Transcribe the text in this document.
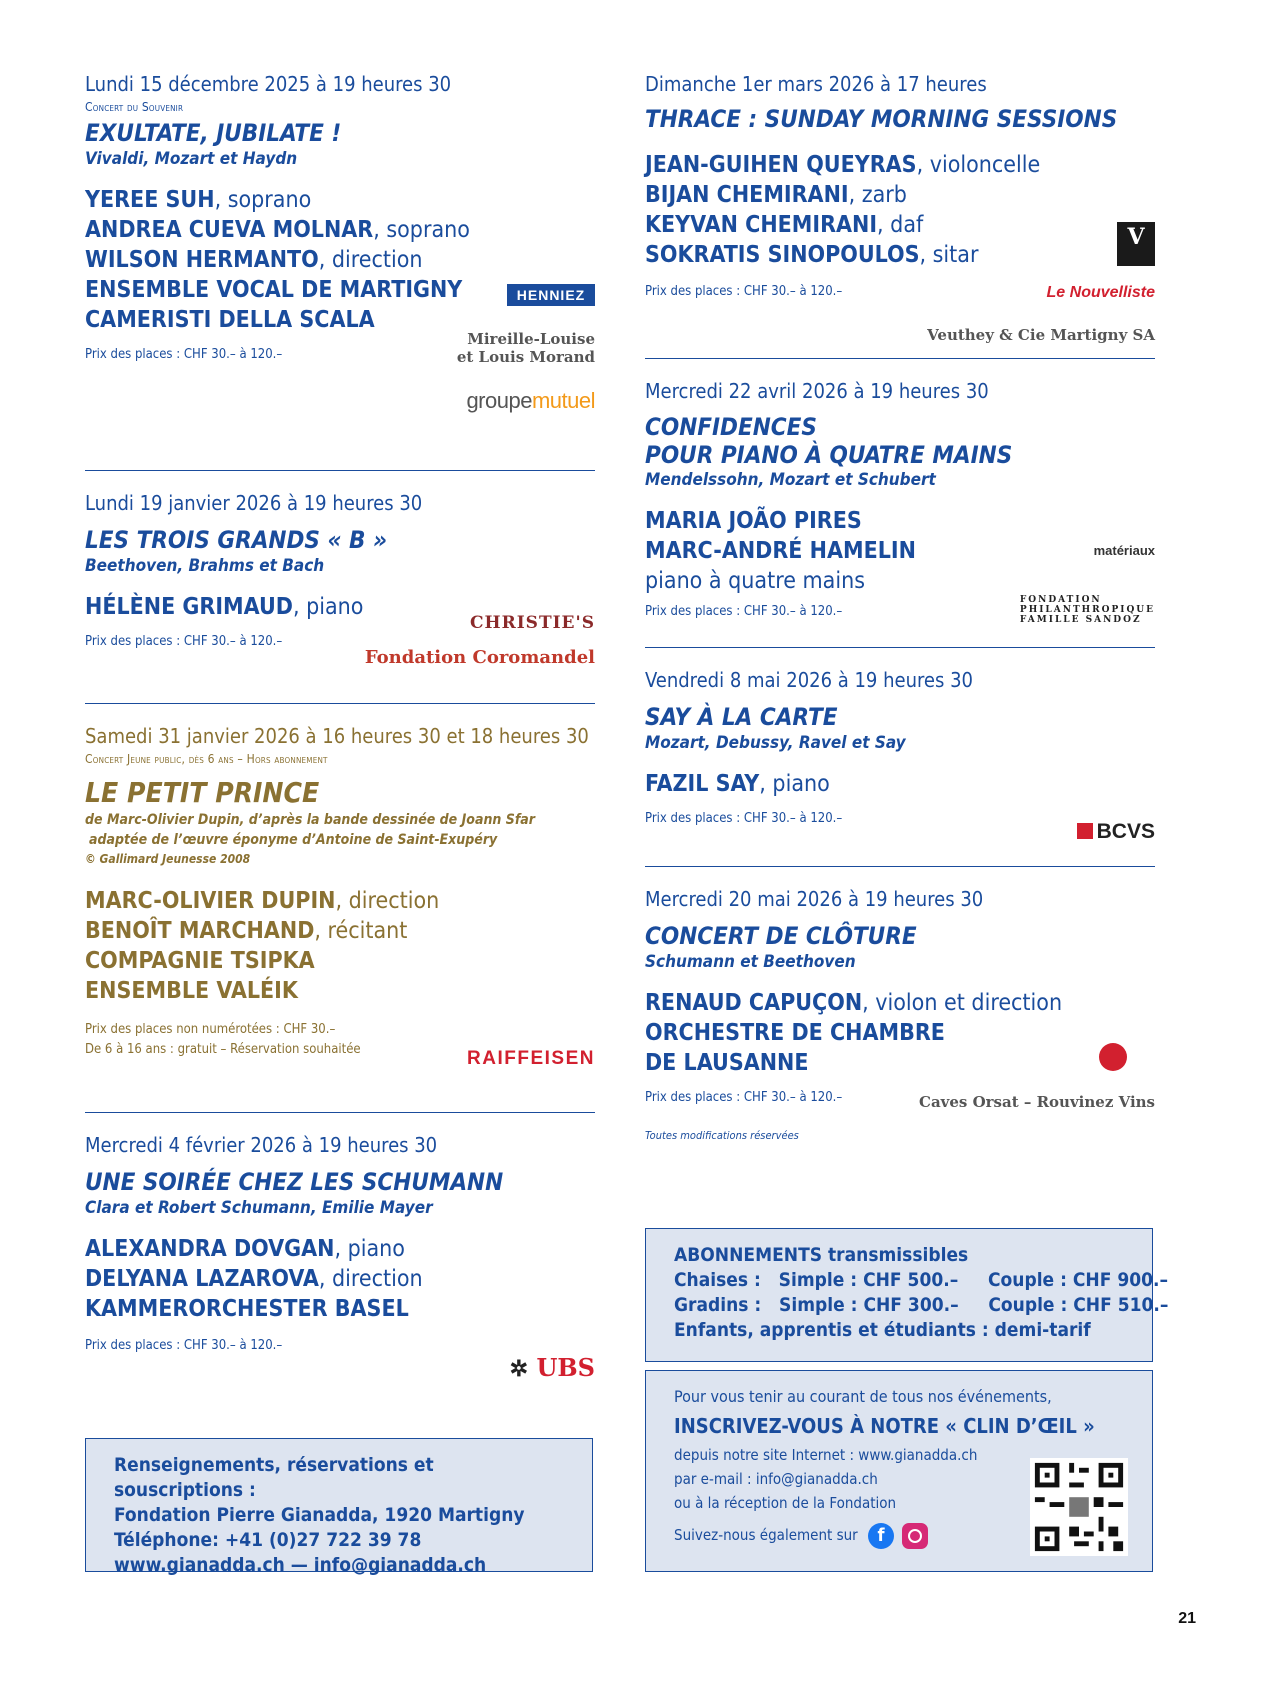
Lundi 15 décembre 2025 à 19 heures 30
Concert du Souvenir
EXULTATE, JUBILATE !
Vivaldi, Mozart et Haydn
YEREE SUH, soprano
ANDREA CUEVA MOLNAR, soprano
WILSON HERMANTO, direction
ENSEMBLE VOCAL DE MARTIGNY
CAMERISTI DELLA SCALA
Prix des places : CHF 30.– à 120.–
HENNIEZ
Mireille-Louise
et Louis Morand
groupemutuel
Lundi 19 janvier 2026 à 19 heures 30
LES TROIS GRANDS « B »
Beethoven, Brahms et Bach
HÉLÈNE GRIMAUD, piano
Prix des places : CHF 30.– à 120.–
CHRISTIE'S
Fondation Coromandel
Samedi 31 janvier 2026 à 16 heures 30 et 18 heures 30
Concert Jeune public, dès 6 ans – Hors abonnement
LE PETIT PRINCE
de Marc-Olivier Dupin, d’après la bande dessinée de Joann Sfar
adaptée de l’œuvre éponyme d’Antoine de Saint-Exupéry
© Gallimard Jeunesse 2008
MARC-OLIVIER DUPIN, direction
BENOÎT MARCHAND, récitant
COMPAGNIE TSIPKA
ENSEMBLE VALÉIK
Prix des places non numérotées : CHF 30.–
De 6 à 16 ans : gratuit – Réservation souhaitée	RAIFFEISEN
Mercredi 4 février 2026 à 19 heures 30
UNE SOIRÉE CHEZ LES SCHUMANN
Clara et Robert Schumann, Emilie Mayer
ALEXANDRA DOVGAN, piano
DELYANA LAZAROVA, direction
KAMMERORCHESTER BASEL
Prix des places : CHF 30.– à 120.–
✲ UBS
Renseignements, réservations et souscriptions :
Fondation Pierre Gianadda, 1920 Martigny
Téléphone: +41 (0)27 722 39 78
www.gianadda.ch — info@gianadda.ch
Dimanche 1er mars 2026 à 17 heures
THRACE : SUNDAY MORNING SESSIONS
JEAN-GUIHEN QUEYRAS, violoncelle
BIJAN CHEMIRANI, zarb
KEYVAN CHEMIRANI, daf
SOKRATIS SINOPOULOS, sitar
Prix des places : CHF 30.– à 120.–
V
Le Nouvelliste
Veuthey & Cie Martigny SA
Mercredi 22 avril 2026 à 19 heures 30
CONFIDENCES
POUR PIANO À QUATRE MAINS
Mendelssohn, Mozart et Schubert
MARIA JOÃO PIRES
MARC-ANDRÉ HAMELIN
piano à quatre mains
Prix des places : CHF 30.– à 120.–
matériaux
FONDATION
PHILANTHROPIQUE
FAMILLE SANDOZ
Vendredi 8 mai 2026 à 19 heures 30
SAY À LA CARTE
Mozart, Debussy, Ravel et Say
FAZIL SAY, piano
Prix des places : CHF 30.– à 120.–
BCVS
Mercredi 20 mai 2026 à 19 heures 30
CONCERT DE CLÔTURE
Schumann et Beethoven
RENAUD CAPUÇON, violon et direction
ORCHESTRE DE CHAMBRE
DE LAUSANNE
Prix des places : CHF 30.– à 120.–	Caves Orsat – Rouvinez Vins
Toutes modifications réservées
ABONNEMENTS transmissibles
Chaises :   Simple : CHF 500.–     Couple : CHF 900.–
Gradins :   Simple : CHF 300.–     Couple : CHF 510.–
Enfants, apprentis et étudiants : demi-tarif
Pour vous tenir au courant de tous nos événements,
INSCRIVEZ-VOUS À NOTRE « CLIN D’ŒIL »
depuis notre site Internet : www.gianadda.ch
par e-mail : info@gianadda.ch
ou à la réception de la Fondation
Suivez-nous également sur f
21
